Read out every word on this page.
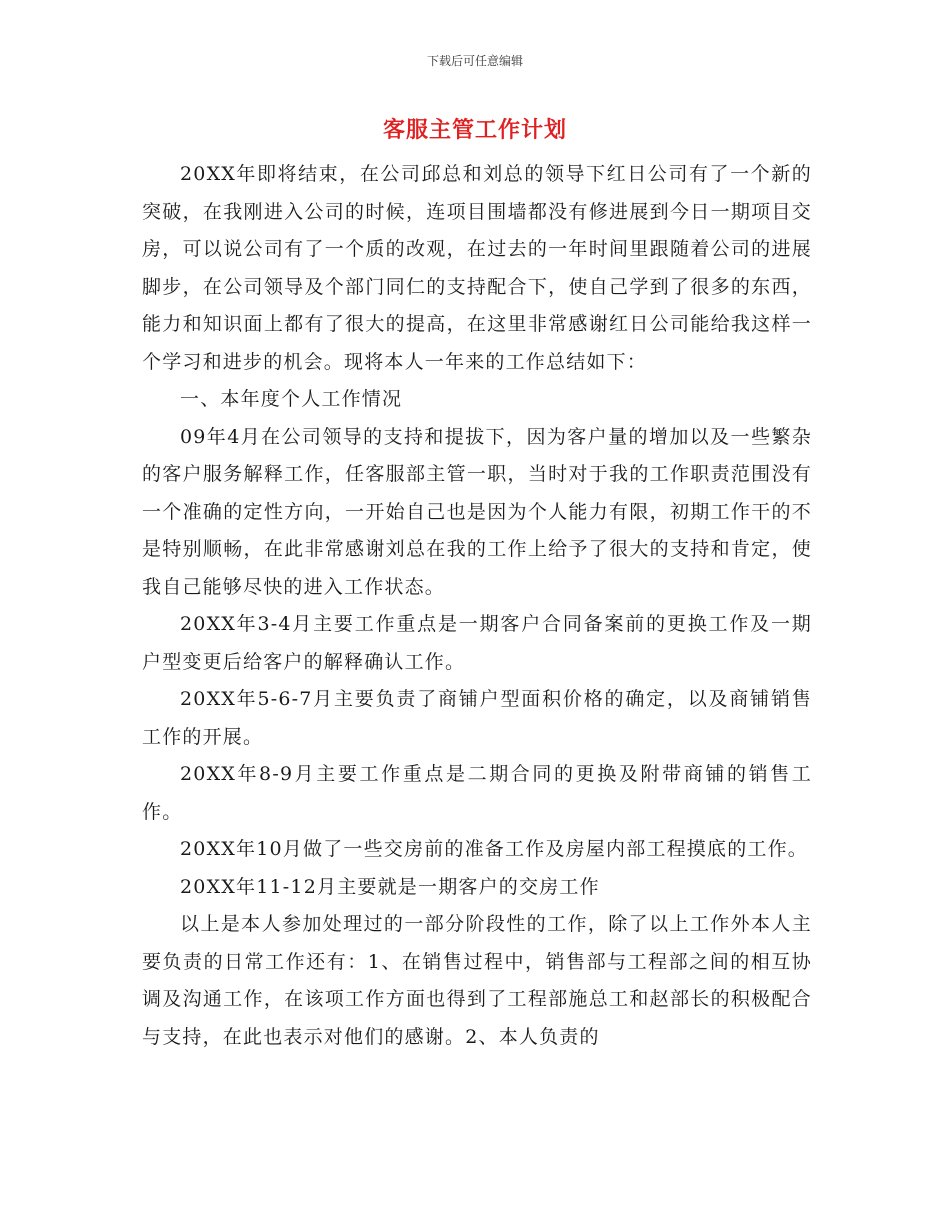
下载后可任意编辑
客服主管工作计划

20XX年即将结束，在公司邱总和刘总的领导下红日公司有了一个新的突破，在我刚进入公司的时候，连项目围墙都没有修进展到今日一期项目交房，可以说公司有了一个质的改观，在过去的一年时间里跟随着公司的进展脚步，在公司领导及个部门同仁的支持配合下，使自己学到了很多的东西，能力和知识面上都有了很大的提高，在这里非常感谢红日公司能给我这样一个学习和进步的机会。现将本人一年来的工作总结如下：

一、本年度个人工作情况

09年4月在公司领导的支持和提拔下，因为客户量的增加以及一些繁杂的客户服务解释工作，任客服部主管一职，当时对于我的工作职责范围没有一个准确的定性方向，一开始自己也是因为个人能力有限，初期工作干的不是特别顺畅，在此非常感谢刘总在我的工作上给予了很大的支持和肯定，使我自己能够尽快的进入工作状态。

20XX年3-4月主要工作重点是一期客户合同备案前的更换工作及一期户型变更后给客户的解释确认工作。

20XX年5-6-7月主要负责了商铺户型面积价格的确定，以及商铺销售工作的开展。

20XX年8-9月主要工作重点是二期合同的更换及附带商铺的销售工作。

20XX年10月做了一些交房前的准备工作及房屋内部工程摸底的工作。

20XX年11-12月主要就是一期客户的交房工作

以上是本人参加处理过的一部分阶段性的工作，除了以上工作外本人主要负责的日常工作还有：1、在销售过程中，销售部与工程部之间的相互协调及沟通工作，在该项工作方面也得到了工程部施总工和赵部长的积极配合与支持，在此也表示对他们的感谢。2、本人负责的
